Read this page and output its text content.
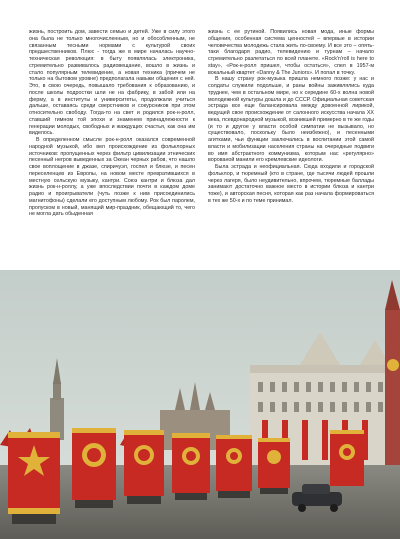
жизнь, построить дом, завести семью и детей. Уже в силу этого она была не только многочисленным, но и обособленным, не связанным тесными нормами с культурой своих предшественников. Плюс - тогда же в мире началась научно-техническая революция: в быту появлялась электроника, стремительно развивалось радиовещание, вошло в жизнь и стало популярным телевидение, а новая техника (причем не только на бытовом уровне) предполагала навыки общения с ней. Это, в свою очередь, повышало требования к образованию, и после школы подростки шли не на фабрику, в забой или на ферму, а в институты и университеты, продолжали учиться дальше, оставаясь среди сверстников и сокурсников при этом относительно свободу. Тогда-то на свет и родился рок-н-ролл, ставший гимном той эпохи и знаменем принадлежности к генерации молодых, свободных и жаждущих счастья, как она им виделось.

В определенном смысле рок-н-ролл оказался современной народной музыкой, ибо вел происхождение из фольклорных источников: пропущенных через фильтр цивилизации этнических песенный негров выведенных за Океан черных рабов, что нашло свое воплощение в джазе, спиричуэл, госпел и блюзе, и песен переселенцев из Европы, на новом месте превратившихся в местную сельскую музыку, кантри. Союз кантри и блюза дал жизнь рок-н-роллу, а уже впоследствии почти в каждом доме радио и проигрыватели (чуть позже к ним присоединились магнитофоны) сделали его доступным любому. Рок был паролем, пропуском в новый, манящий мир-праздник, обещающий то, чего не могла дать обыденная

жизнь с ее рутиной. Появились новая мода, иные формы общения, особенная система ценностей – впервые в истории человечества молодежь стала жить по-своему. И все это – опять-таки благодаря радио, телевидению и турнам – начало стремительно разлетаться по всей планете. «Rock'n'roll is here to stay», «Рок-н-ролл пришел, чтобы остаться», спел в 1957-м вокальный квартет «Danny & The Juniors». И попал в точку.

В нашу страну рок-музыка пришла немного позже: у нас и солдаты служили подольше, и раны войны заживлялись куда труднее, чем в остальном мире, но к середине 60-х волна новой молодежной культуры дошла и до СССР. Официальная советская эстрада все еще балансировала между довоенной лирикой, ведущей свое происхождение от салонного искусства начала XX века, псевдонародной музыкой, возникшей примерно в те же годы (и то и другое у власти особой симпатии не вызывало, но существовало, поскольку было неизбежно), и песенными агитками, чьи функции заключались в воспитании этой самой власти и мобилизации населения страны на очередные подвиги во имя абстрактного коммунизма, которым нас «регулярно» ворованой манили его кремлевские идеологи.

Была эстрада и неофициальная. Сюда входили и городской фольклор, и тюремный (кто в стране, где тысячи людей прошли через лагеря, было неудивительно, впрочем, тюремные баллады занимают достаточно важное место в истории блюза и кантри тоже), и авторская песня, которая как раз начала формироваться в тех же 50-х и по теме принимал.
